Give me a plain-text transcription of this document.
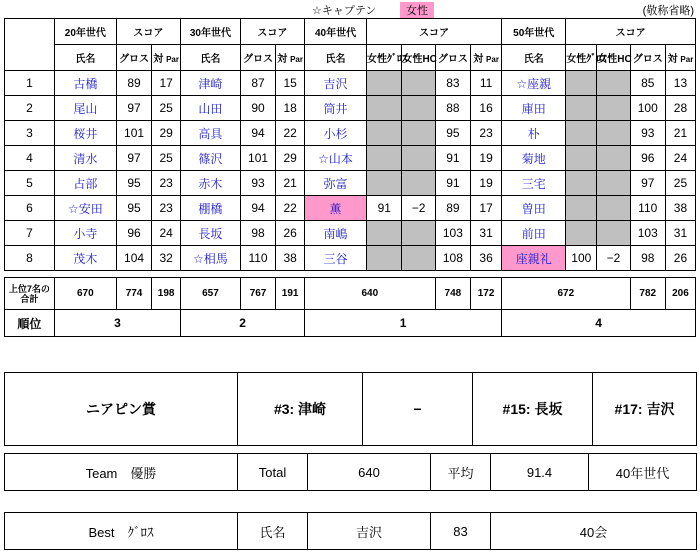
☆キャプテン	女性	(敬称省略)
	20年世代	スコア		30年世代	スコア		40年世代	スコア				50年世代	スコア			
	氏名	グロス	対 Par	氏名	グロス	対 Par	氏名	女性ｸﾞﾛｽ	女性HC	グロス	対 Par	氏名	女性ｸﾞﾛｽ	女性HC	グロス	対 Par
1	古橋	89	17	津崎	87	15	吉沢			83	11	☆座親			85	13
2	尾山	97	25	山田	90	18	筒井			88	16	庫田			100	28
3	桜井	101	29	高具	94	22	小杉			95	23	朴			93	21
4	清水	97	25	篠沢	101	29	☆山本			91	19	菊地			96	24
5	占部	95	23	赤木	93	21	弥富			91	19	三宅			97	25
6	☆安田	95	23	棚橋	94	22	薫	91	−2	89	17	曽田			110	38
7	小寺	96	24	長坂	98	26	南嶋			103	31	前田			103	31
8	茂木	104	32	☆相馬	110	38	三谷			108	36	座親礼	100	−2	98	26

上位7名の合計	670	774	198	657	767	191	640			748	172	672			782	206
順位	3			2			1					4				
ニアピン賞	#3: 津崎	−	#15: 長坂	#17: 吉沢
Team　優勝	Total	640	平均	91.4	40年世代
Best　ｸﾞﾛｽ	氏名	吉沢	83	40会
